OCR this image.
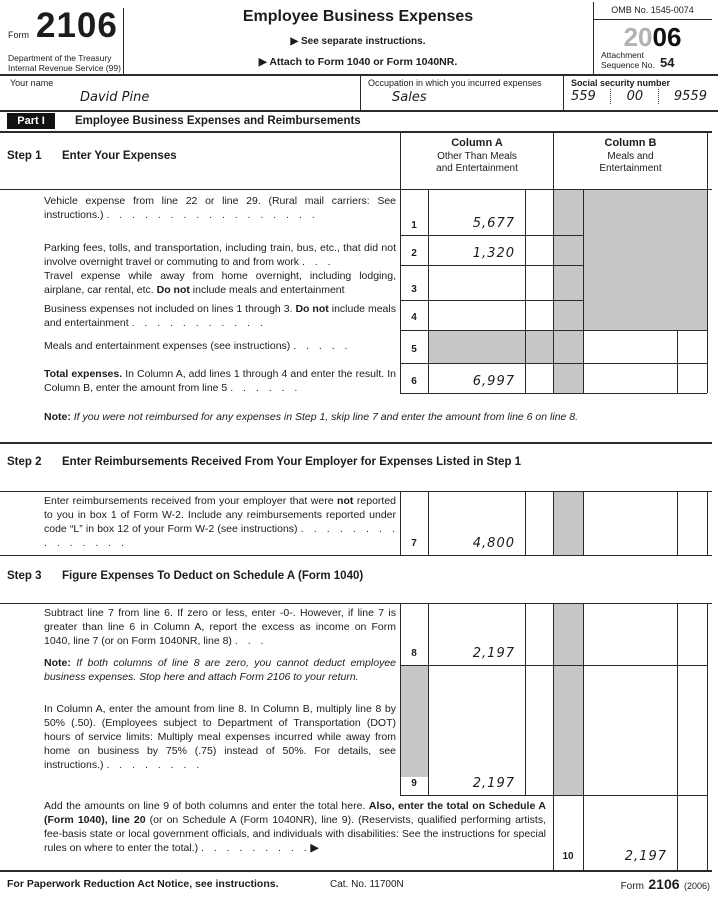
Form 2106
Department of the Treasury
Internal Revenue Service (99)
Employee Business Expenses
▶ See separate instructions.
▶ Attach to Form 1040 or Form 1040NR.
OMB No. 1545-0074
2006
Attachment
Sequence No. 54
Your name
David Pine
Occupation in which you incurred expenses
Sales
Social security number
559 00 9559
Part I	Employee Business Expenses and Reimbursements
Step 1 Enter Your Expenses
Column A
Other Than Meals
and Entertainment
Column B
Meals and
Entertainment
Vehicle expense from line 22 or line 29. (Rural mail carriers: See instructions.) . . . . . . . . . . . . . . . . .
1	5,677
Parking fees, tolls, and transportation, including train, bus, etc., that did not involve overnight travel or commuting to and from work . . .
2	1,320
Travel expense while away from home overnight, including lodging, airplane, car rental, etc. Do not include meals and entertainment	3
Business expenses not included on lines 1 through 3. Do not include meals and entertainment . . . . . . . . . . .	4
Meals and entertainment expenses (see instructions) . . . . .	5
Total expenses. In Column A, add lines 1 through 4 and enter the result. In Column B, enter the amount from line 5 . . . . . .
6	6,997
Note: If you were not reimbursed for any expenses in Step 1, skip line 7 and enter the amount from line 6 on line 8.
Step 2 Enter Reimbursements Received From Your Employer for Expenses Listed in Step 1
Enter reimbursements received from your employer that were not reported to you in box 1 of Form W-2. Include any reimbursements reported under code “L” in box 12 of your Form W-2 (see instructions) . . . . . . . . . . . . . . .	7	4,800
Step 3 Figure Expenses To Deduct on Schedule A (Form 1040)
Subtract line 7 from line 6. If zero or less, enter -0-. However, if line 7 is greater than line 6 in Column A, report the excess as income on Form 1040, line 7 (or on Form 1040NR, line 8) . . .
8	2,197
Note: If both columns of line 8 are zero, you cannot deduct employee business expenses. Stop here and attach Form 2106 to your return.
In Column A, enter the amount from line 8. In Column B, multiply line 8 by 50% (.50). (Employees subject to Department of Transportation (DOT) hours of service limits: Multiply meal expenses incurred while away from home on business by 75% (.75) instead of 50%. For details, see instructions.) . . . . . . . .
9	2,197
Add the amounts on line 9 of both columns and enter the total here. Also, enter the total on Schedule A (Form 1040), line 20 (or on Schedule A (Form 1040NR), line 9). (Reservists, qualified performing artists, fee-basis state or local government officials, and individuals with disabilities: See the instructions for special rules on where to enter the total.) . . . . . . . . . ▶
10	2,197
For Paperwork Reduction Act Notice, see instructions.	Cat. No. 11700N	Form 2106 (2006)
